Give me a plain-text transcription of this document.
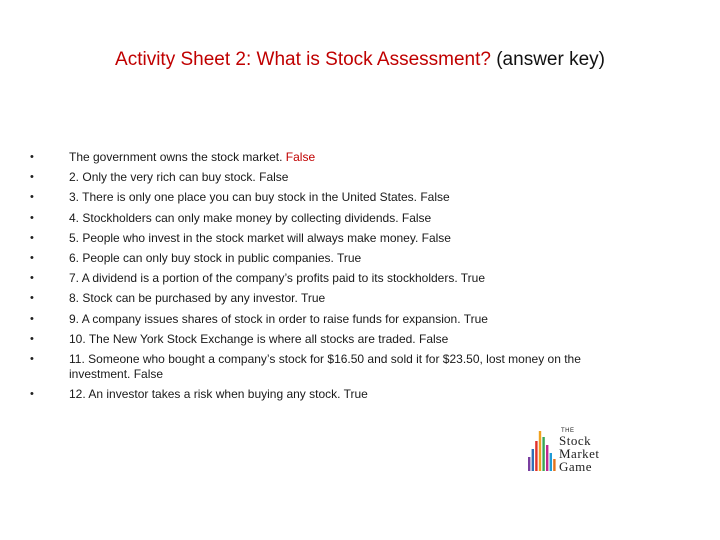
Activity Sheet 2: What is Stock Assessment? (answer key)
•	The government owns the stock market. False
•	2. Only the very rich can buy stock. False
•	3. There is only one place you can buy stock in the United States. False
•	4. Stockholders can only make money by collecting dividends. False
•	5. People who invest in the stock market will always make money. False
•	6. People can only buy stock in public companies. True
•	7. A dividend is a portion of the company’s profits paid to its stockholders. True
•	8. Stock can be purchased by any investor. True
•	9. A company issues shares of stock in order to raise funds for expansion. True
•	10. The New York Stock Exchange is where all stocks are traded. False
•	11. Someone who bought a company’s stock for $16.50 and sold it for $23.50, lost money on the investment. False
•	12. An investor takes a risk when buying any stock. True
THE
Stock
Market
Game
